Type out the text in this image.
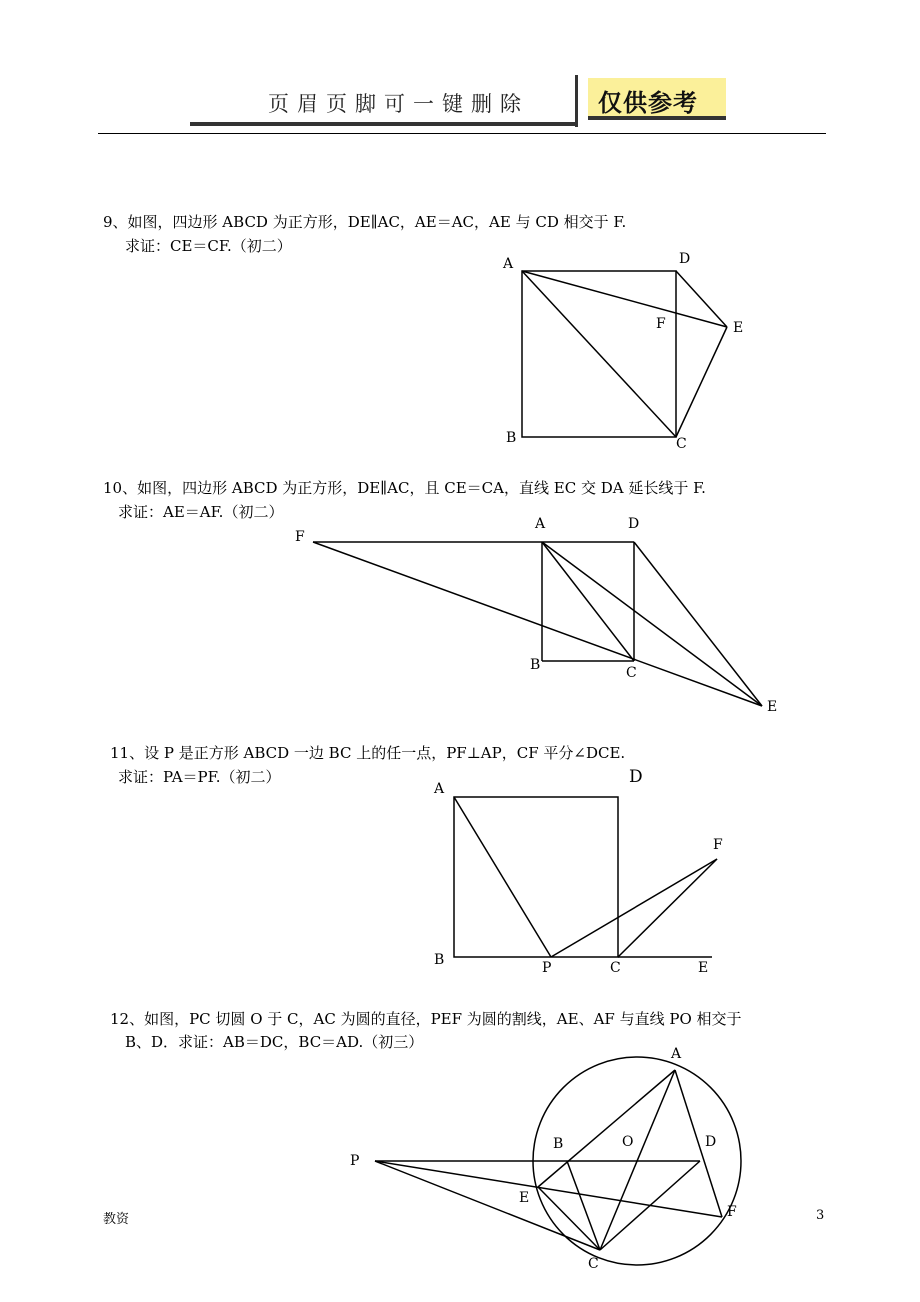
页眉页脚可一键删除	仅供参考
9、如图，四边形 ABCD 为正方形，DE∥AC，AE＝AC，AE 与 CD 相交于 F.
求证：CE＝CF.（初二）
10、如图，四边形 ABCD 为正方形，DE∥AC，且 CE＝CA，直线 EC 交 DA 延长线于 F.
求证：AE＝AF.（初二）
11、设 P 是正方形 ABCD 一边 BC 上的任一点，PF⊥AP，CF 平分∠DCE.
求证：PA＝PF.（初二）
12、如图，PC 切圆 O 于 C，AC 为圆的直径，PEF 为圆的割线，AE、AF 与直线 PO 相交于
B、D．求证：AB＝DC，BC＝AD.（初三）
A	D
F	E
B	C
F
A	D
B	C
E
A
D
F
B	P	C	E
A
B	O	D
P
E
F
C
教资	3
